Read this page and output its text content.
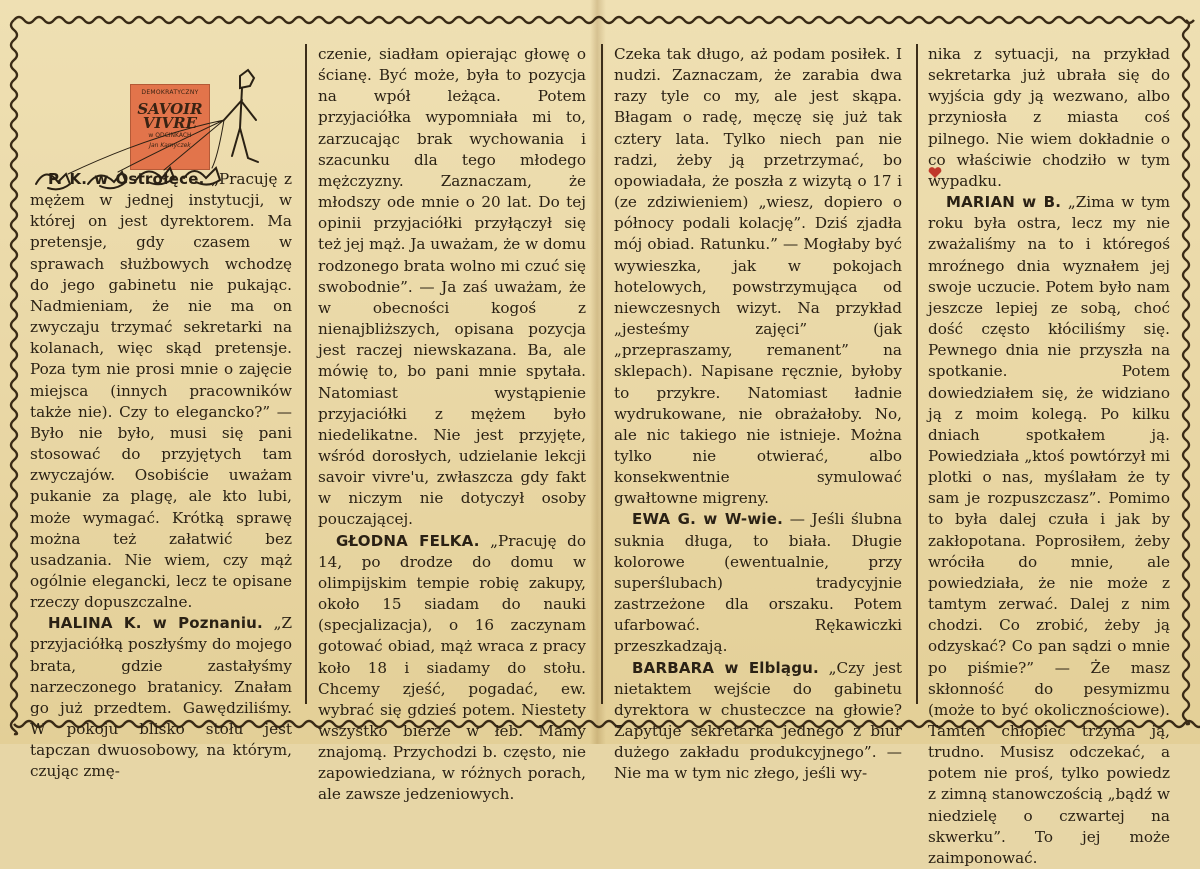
DEMOKRATYCZNY
SAVOIR VIVRE
w ODCINKACH
Jan Kamyczek

P. K. w Ostrołęce. „Pracuję z mężem w jednej instytucji, w której on jest dyrektorem. Ma pretensje, gdy czasem w sprawach służbowych wchodzę do jego gabinetu nie pukając. Nadmieniam, że nie ma on zwyczaju trzymać sekretarki na kolanach, więc skąd pretensje. Poza tym nie prosi mnie o zajęcie miejsca (innych pracowników także nie). Czy to elegancko?” — Było nie było, musi się pani stosować do przyjętych tam zwyczajów. Osobiście uważam pukanie za plagę, ale kto lubi, może wymagać. Krótką sprawę można też załatwić bez usadzania. Nie wiem, czy mąż ogólnie elegancki, lecz te opisane rzeczy dopuszczalne.

HALINA K. w Poznaniu. „Z przyjaciółką poszłyśmy do mojego brata, gdzie zastałyśmy narzeczonego bratanicy. Znałam go już przedtem. Gawędziliśmy. W pokoju blisko stołu jest tapczan dwuosobowy, na którym, czując zmę-

czenie, siadłam opierając głowę o ścianę. Być może, była to pozycja na wpół leżąca. Potem przyjaciółka wypomniała mi to, zarzucając brak wychowania i szacunku dla tego młodego mężczyzny. Zaznaczam, że młodszy ode mnie o 20 lat. Do tej opinii przyjaciółki przyłączył się też jej mąż. Ja uważam, że w domu rodzonego brata wolno mi czuć się swobodnie”. — Ja zaś uważam, że w obecności kogoś z nienajbliższych, opisana pozycja jest raczej niewskazana. Ba, ale mówię to, bo pani mnie spytała. Natomiast wystąpienie przyjaciółki z mężem było niedelikatne. Nie jest przyjęte, wśród dorosłych, udzielanie lekcji savoir vivre'u, zwłaszcza gdy fakt w niczym nie dotyczył osoby pouczającej.

GŁODNA FELKA. „Pracuję do 14, po drodze do domu w olimpijskim tempie robię zakupy, około 15 siadam do nauki (specjalizacja), o 16 zaczynam gotować obiad, mąż wraca z pracy koło 18 i siadamy do stołu. Chcemy zjeść, pogadać, ew. wybrać się gdzieś potem. Niestety wszystko bierze w łeb. Mamy znajomą. Przychodzi b. często, nie zapowiedziana, w różnych porach, ale zawsze jedzeniowych.

Czeka tak długo, aż podam posiłek. I nudzi. Zaznaczam, że zarabia dwa razy tyle co my, ale jest skąpa. Błagam o radę, męczę się już tak cztery lata. Tylko niech pan nie radzi, żeby ją przetrzymać, bo opowiadała, że poszła z wizytą o 17 i (ze zdziwieniem) „wiesz, dopiero o północy podali kolację”. Dziś zjadła mój obiad. Ratunku.” — Mogłaby być wywieszka, jak w pokojach hotelowych, powstrzymująca od niewczesnych wizyt. Na przykład „jesteśmy zajęci” (jak „przepraszamy, remanent” na sklepach). Napisane ręcznie, byłoby to przykre. Natomiast ładnie wydrukowane, nie obrażałoby. No, ale nic takiego nie istnieje. Można tylko nie otwierać, albo konsekwentnie symulować gwałtowne migreny.

EWA G. w W-wie. — Jeśli ślubna suknia długa, to biała. Długie kolorowe (ewentualnie, przy superślubach) tradycyjnie zastrzeżone dla orszaku. Potem ufarbować. Rękawiczki przeszkadzają.

BARBARA w Elblągu. „Czy jest nietaktem wejście do gabinetu dyrektora w chusteczce na głowie? Zapytuje sekretarka jednego z biur dużego zakładu produkcyjnego”. — Nie ma w tym nic złego, jeśli wy-

nika z sytuacji, na przykład sekretarka już ubrała się do wyjścia gdy ją wezwano, albo przyniosła z miasta coś pilnego. Nie wiem dokładnie o co właściwie chodziło w tym wypadku.

MARIAN w B. „Zima w tym roku była ostra, lecz my nie zważaliśmy na to i któregoś mroźnego dnia wyznałem jej swoje uczucie. Potem było nam jeszcze lepiej ze sobą, choć dość często kłóciliśmy się. Pewnego dnia nie przyszła na spotkanie. Potem dowiedziałem się, że widziano ją z moim kolegą. Po kilku dniach spotkałem ją. Powiedziała „ktoś powtórzył mi plotki o nas, myślałam że ty sam je rozpuszczasz”. Pomimo to była dalej czuła i jak by zakłopotana. Poprosiłem, żeby wróciła do mnie, ale powiedziała, że nie może z tamtym zerwać. Dalej z nim chodzi. Co zrobić, żeby ją odzyskać? Co pan sądzi o mnie po piśmie?” — Że masz skłonność do pesymizmu (może to być okolicznościowe). Tamten chłopiec trzyma ją, trudno. Musisz odczekać, a potem nie proś, tylko powiedz z zimną stanowczością „bądź w niedzielę o czwartej na skwerku”. To jej może zaimponować.
